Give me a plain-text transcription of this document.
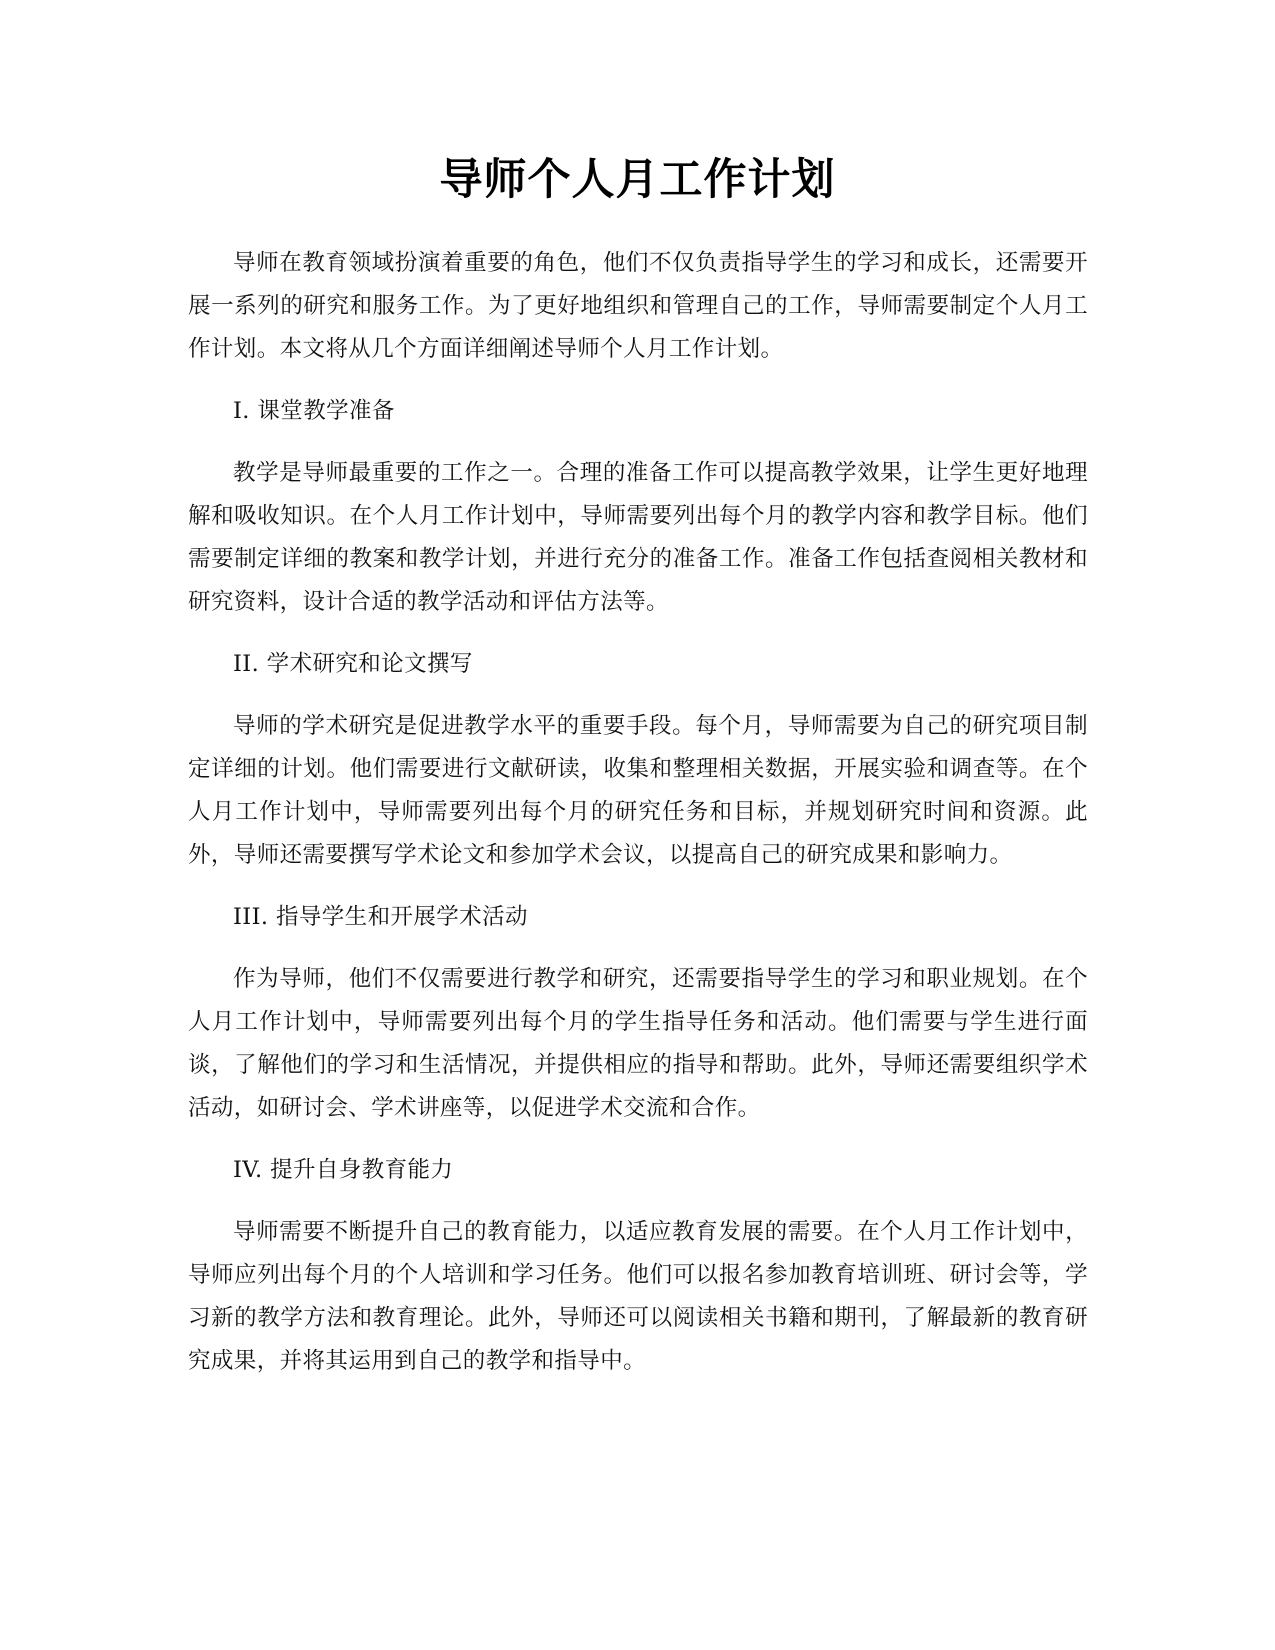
导师个人月工作计划

导师在教育领域扮演着重要的角色，他们不仅负责指导学生的学习和成长，还需要开展一系列的研究和服务工作。为了更好地组织和管理自己的工作，导师需要制定个人月工作计划。本文将从几个方面详细阐述导师个人月工作计划。

I. 课堂教学准备

教学是导师最重要的工作之一。合理的准备工作可以提高教学效果，让学生更好地理解和吸收知识。在个人月工作计划中，导师需要列出每个月的教学内容和教学目标。他们需要制定详细的教案和教学计划，并进行充分的准备工作。准备工作包括查阅相关教材和研究资料，设计合适的教学活动和评估方法等。

II. 学术研究和论文撰写

导师的学术研究是促进教学水平的重要手段。每个月，导师需要为自己的研究项目制定详细的计划。他们需要进行文献研读，收集和整理相关数据，开展实验和调查等。在个人月工作计划中，导师需要列出每个月的研究任务和目标，并规划研究时间和资源。此外，导师还需要撰写学术论文和参加学术会议，以提高自己的研究成果和影响力。

III. 指导学生和开展学术活动

作为导师，他们不仅需要进行教学和研究，还需要指导学生的学习和职业规划。在个人月工作计划中，导师需要列出每个月的学生指导任务和活动。他们需要与学生进行面谈，了解他们的学习和生活情况，并提供相应的指导和帮助。此外，导师还需要组织学术活动，如研讨会、学术讲座等，以促进学术交流和合作。

IV. 提升自身教育能力

导师需要不断提升自己的教育能力，以适应教育发展的需要。在个人月工作计划中，导师应列出每个月的个人培训和学习任务。他们可以报名参加教育培训班、研讨会等，学习新的教学方法和教育理论。此外，导师还可以阅读相关书籍和期刊，了解最新的教育研究成果，并将其运用到自己的教学和指导中。
